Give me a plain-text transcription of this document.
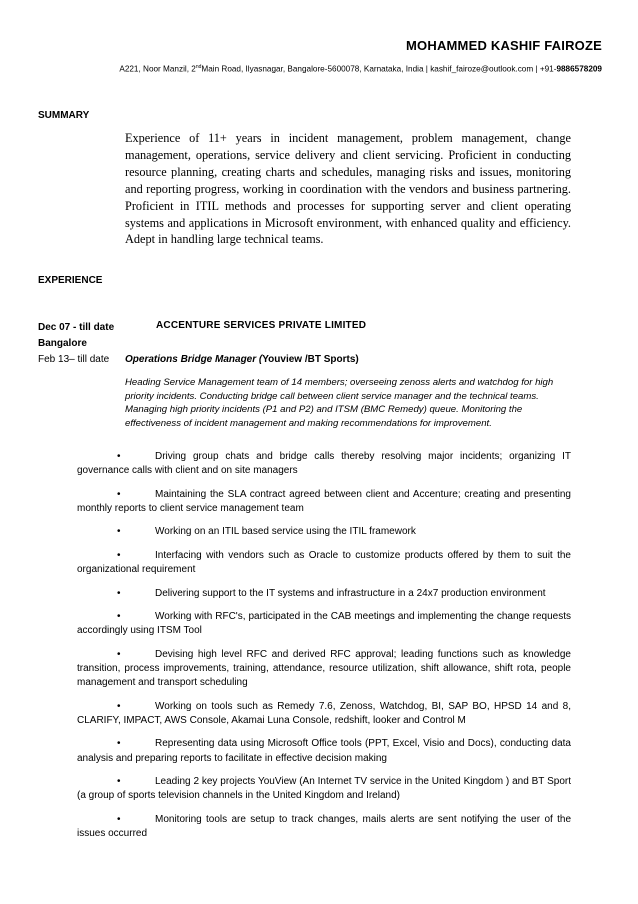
MOHAMMED KASHIF FAIROZE
A221, Noor Manzil, 2ndMain Road, Ilyasnagar, Bangalore-5600078, Karnataka, India | kashif_fairoze@outlook.com | +91-9886578209
SUMMARY
Experience of 11+ years in incident management, problem management, change management, operations, service delivery and client servicing. Proficient in conducting resource planning, creating charts and schedules, managing risks and issues, monitoring and reporting progress, working in coordination with the vendors and business partnering. Proficient in ITIL methods and processes for supporting server and client operating systems and applications in Microsoft environment, with enhanced quality and efficiency. Adept in handling large technical teams.
EXPERIENCE
Dec 07 - till date
Bangalore
ACCENTURE SERVICES PRIVATE LIMITED
Feb 13– till date Operations Bridge Manager (Youview /BT Sports)
Heading Service Management team of 14 members; overseeing zenoss alerts and watchdog for high priority incidents. Conducting bridge call between client service manager and the technical teams. Managing high priority incidents (P1 and P2) and ITSM (BMC Remedy) queue. Monitoring the effectiveness of incident management and making recommendations for improvement.
•	Driving group chats and bridge calls thereby resolving major incidents; organizing IT governance calls with client and on site managers
•	Maintaining the SLA contract agreed between client and Accenture; creating and presenting monthly reports to client service management team
•	Working on an ITIL based service using the ITIL framework
•	Interfacing with vendors such as Oracle to customize products offered by them to suit the organizational requirement
•	Delivering support to the IT systems and infrastructure in a 24x7 production environment
•	Working with RFC's, participated in the CAB meetings and implementing the change requests accordingly using ITSM Tool
•	Devising high level RFC and derived RFC approval; leading functions such as knowledge transition, process improvements, training, attendance, resource utilization, shift allowance, shift rota, people management and transport scheduling
•	Working on tools such as Remedy 7.6, Zenoss, Watchdog, BI, SAP BO, HPSD 14 and 8, CLARIFY, IMPACT, AWS Console, Akamai Luna Console, redshift, looker and Control M
•	Representing data using Microsoft Office tools (PPT, Excel, Visio and Docs), conducting data analysis and preparing reports to facilitate in effective decision making
•	Leading 2 key projects YouView (An Internet TV service in the United Kingdom ) and BT Sport (a group of sports television channels in the United Kingdom and Ireland)
•	Monitoring tools are setup to track changes, mails alerts are sent notifying the user of the issues occurred
